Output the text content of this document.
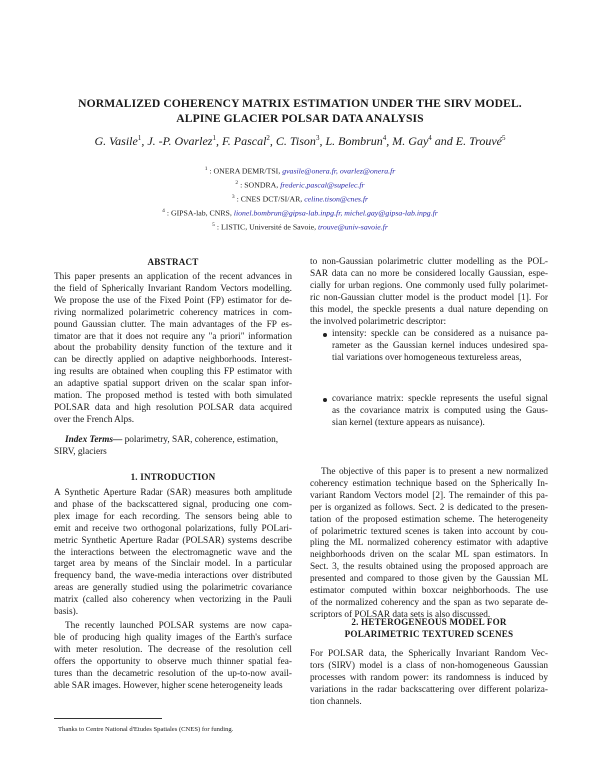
NORMALIZED COHERENCY MATRIX ESTIMATION UNDER THE SIRV MODEL.
ALPINE GLACIER POLSAR DATA ANALYSIS
G. Vasile$^1$, J. -P. Ovarlez$^1$, F. Pascal$^2$, C. Tison$^3$, L. Bombrun$^4$, M. Gay$^4$ and E. Trouvé$^5$
$^1$ : ONERA DEMR/TSI, gvasile@onera.fr, ovarlez@onera.fr
$^2$ : SONDRA, frederic.pascal@supelec.fr
$^3$ : CNES DCT/SI/AR, celine.tison@cnes.fr
$^4$ : GIPSA-lab, CNRS, lionel.bombrun@gipsa-lab.inpg.fr, michel.gay@gipsa-lab.inpg.fr
$^5$ : LISTIC, Université de Savoie, trouve@univ-savoie.fr
ABSTRACT
This paper presents an application of the recent advances in
the field of Spherically Invariant Random Vectors modelling.
We propose the use of the Fixed Point (FP) estimator for de-
riving normalized polarimetric coherency matrices in com-
pound Gaussian clutter. The main advantages of the FP es-
timator are that it does not require any "a priori" information
about the probability density function of the texture and it
can be directly applied on adaptive neighborhoods. Interest-
ing results are obtained when coupling this FP estimator with
an adaptive spatial support driven on the scalar span infor-
mation. The proposed method is tested with both simulated
POLSAR data and high resolution POLSAR data acquired
over the French Alps.
Index Terms— polarimetry, SAR, coherence, estimation,
SIRV, glaciers
1. INTRODUCTION
A Synthetic Aperture Radar (SAR) measures both amplitude
and phase of the backscattered signal, producing one com-
plex image for each recording. The sensors being able to
emit and receive two orthogonal polarizations, fully POLari-
metric Synthetic Aperture Radar (POLSAR) systems describe
the interactions between the electromagnetic wave and the
target area by means of the Sinclair model. In a particular
frequency band, the wave-media interactions over distributed
areas are generally studied using the polarimetric covariance
matrix (called also coherency when vectorizing in the Pauli
basis).
The recently launched POLSAR systems are now capa-
ble of producing high quality images of the Earth's surface
with meter resolution. The decrease of the resolution cell
offers the opportunity to observe much thinner spatial fea-
tures than the decametric resolution of the up-to-now avail-
able SAR images. However, higher scene heterogeneity leads
Thanks to Centre National d'Etudes Spatiales (CNES) for funding.
to non-Gaussian polarimetric clutter modelling as the POL-
SAR data can no more be considered locally Gaussian, espe-
cially for urban regions. One commonly used fully polarimet-
ric non-Gaussian clutter model is the product model [1]. For
this model, the speckle presents a dual nature depending on
the involved polarimetric descriptor:
intensity: speckle can be considered as a nuisance pa-
rameter as the Gaussian kernel induces undesired spa-
tial variations over homogeneous textureless areas,
covariance matrix: speckle represents the useful signal
as the covariance matrix is computed using the Gaus-
sian kernel (texture appears as nuisance).
The objective of this paper is to present a new normalized
coherency estimation technique based on the Spherically In-
variant Random Vectors model [2]. The remainder of this pa-
per is organized as follows. Sect. 2 is dedicated to the presen-
tation of the proposed estimation scheme. The heterogeneity
of polarimetric textured scenes is taken into account by cou-
pling the ML normalized coherency estimator with adaptive
neighborhoods driven on the scalar ML span estimators. In
Sect. 3, the results obtained using the proposed approach are
presented and compared to those given by the Gaussian ML
estimator computed within boxcar neighborhoods. The use
of the normalized coherency and the span as two separate de-
scriptors of POLSAR data sets is also discussed.
2. HETEROGENEOUS MODEL FOR
POLARIMETRIC TEXTURED SCENES
For POLSAR data, the Spherically Invariant Random Vec-
tors (SIRV) model is a class of non-homogeneous Gaussian
processes with random power: its randomness is induced by
variations in the radar backscattering over different polariza-
tion channels.
